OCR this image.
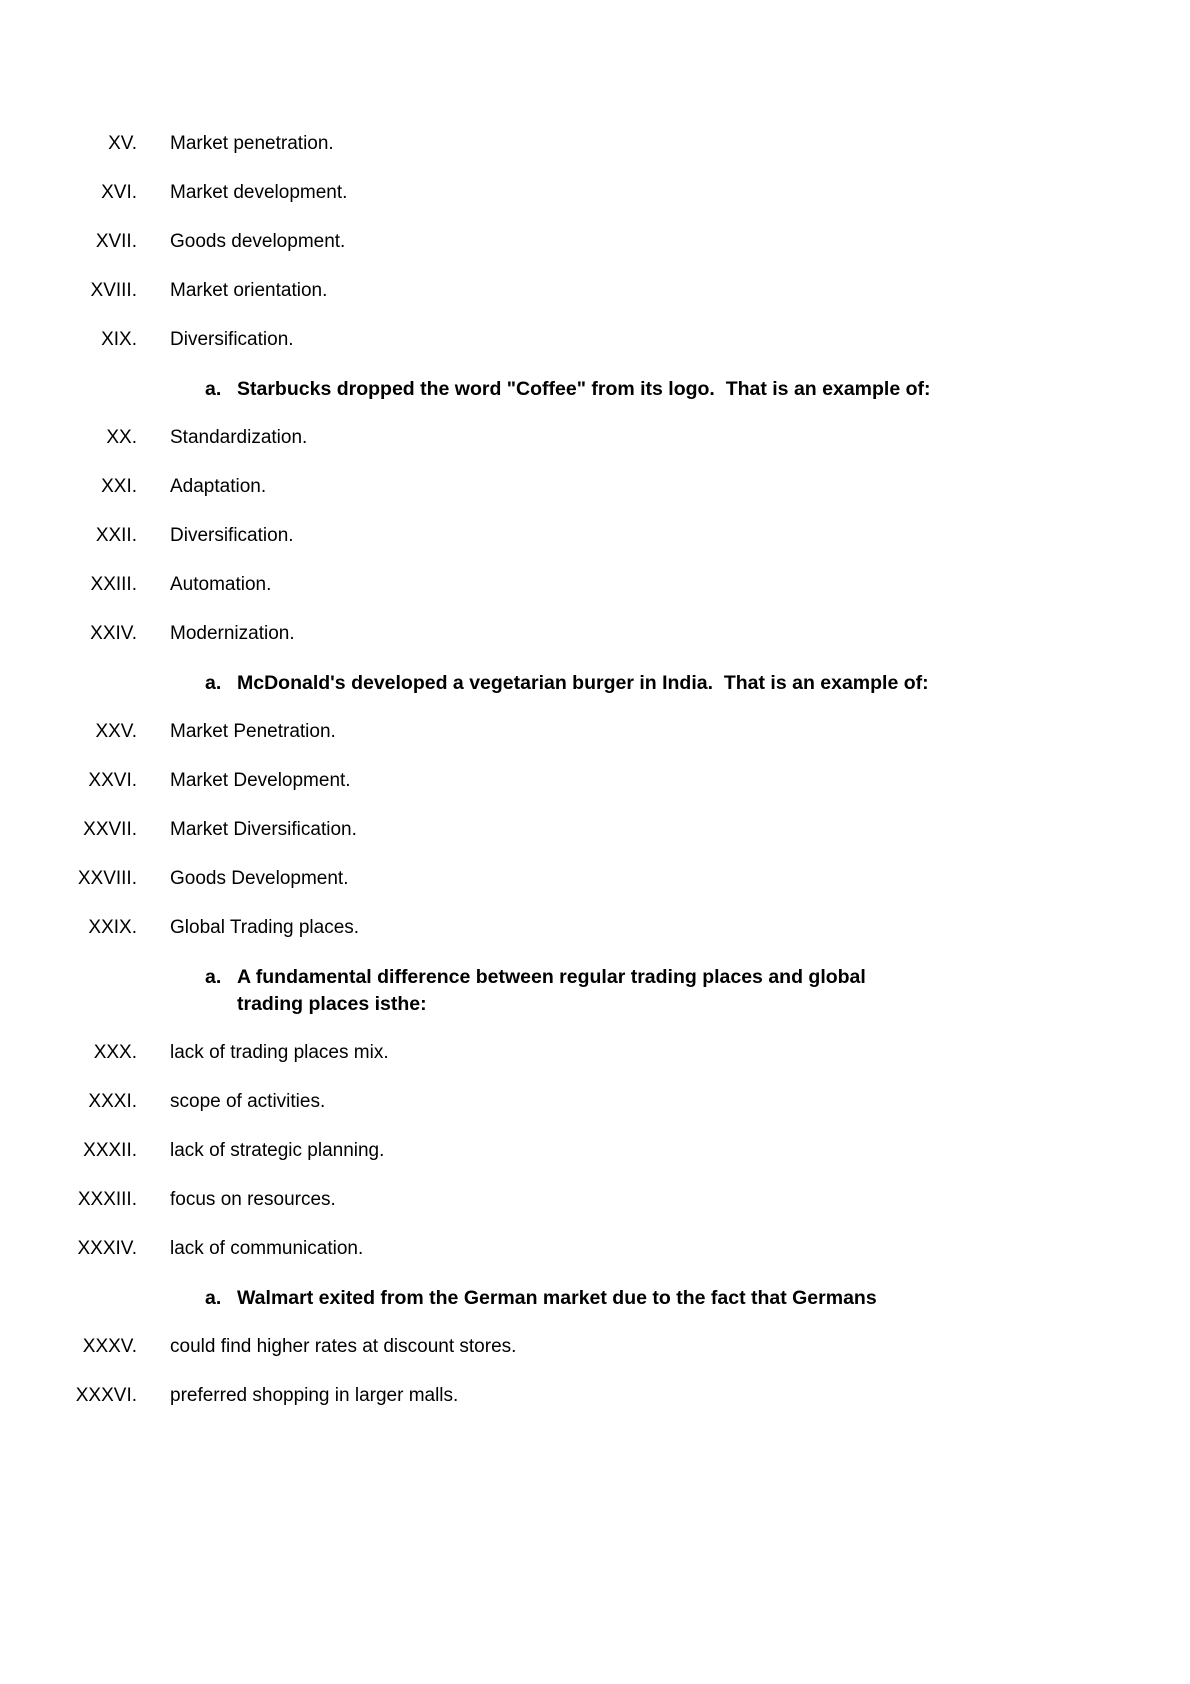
XV. Market penetration.
XVI. Market development.
XVII. Goods development.
XVIII. Market orientation.
XIX. Diversification.
a. Starbucks dropped the word "Coffee" from its logo.  That is an example of:
XX. Standardization.
XXI. Adaptation.
XXII. Diversification.
XXIII. Automation.
XXIV. Modernization.
a. McDonald's developed a vegetarian burger in India.  That is an example of:
XXV. Market Penetration.
XXVI. Market Development.
XXVII. Market Diversification.
XXVIII. Goods Development.
XXIX. Global Trading places.
a. A fundamental difference between regular trading places and global trading places isthe:
XXX. lack of trading places mix.
XXXI. scope of activities.
XXXII. lack of strategic planning.
XXXIII. focus on resources.
XXXIV. lack of communication.
a. Walmart exited from the German market due to the fact that Germans
XXXV. could find higher rates at discount stores.
XXXVI. preferred shopping in larger malls.
